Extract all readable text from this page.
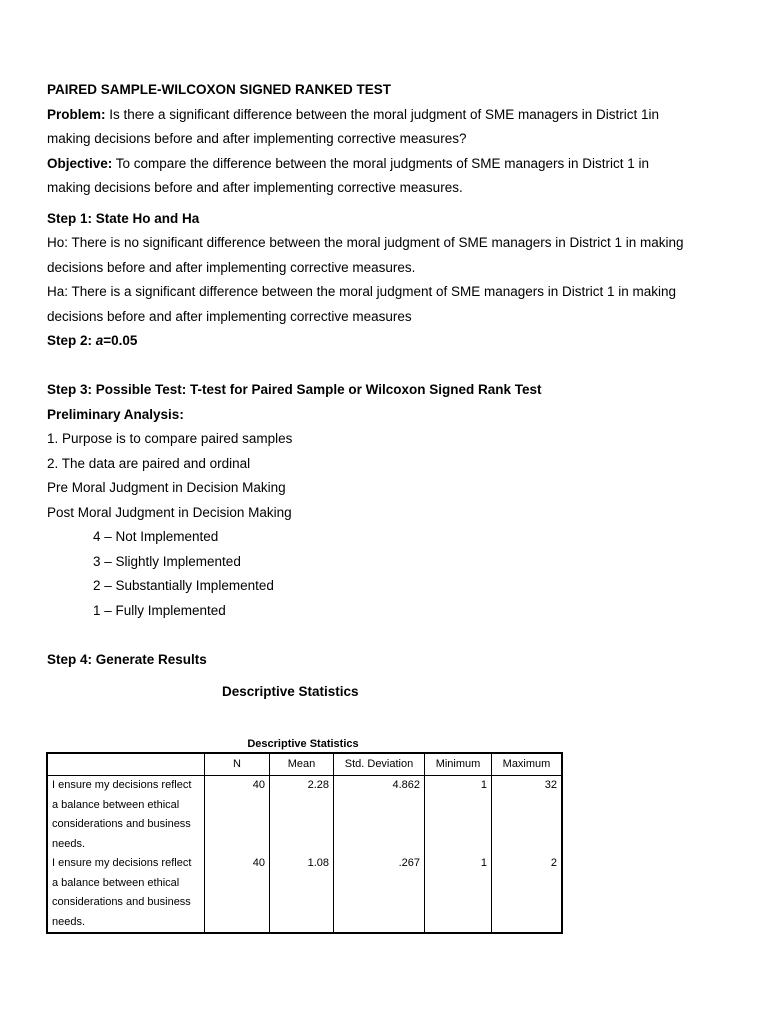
PAIRED SAMPLE-WILCOXON SIGNED RANKED TEST
Problem: Is there a significant difference between the moral judgment of SME managers in District 1in
making decisions before and after implementing corrective measures?
Objective: To compare the difference between the moral judgments of SME managers in District 1 in
making decisions before and after implementing corrective measures.
Step 1: State Ho and Ha
Ho: There is no significant difference between the moral judgment of SME managers in District 1 in making
decisions before and after implementing corrective measures.
Ha: There is a significant difference between the moral judgment of SME managers in District 1 in making
decisions before and after implementing corrective measures
Step 2: a=0.05
Step 3: Possible Test: T-test for Paired Sample or Wilcoxon Signed Rank Test
Preliminary Analysis:
1. Purpose is to compare paired samples
2. The data are paired and ordinal
Pre Moral Judgment in Decision Making
Post Moral Judgment in Decision Making
4 – Not Implemented
3 – Slightly Implemented
2 – Substantially Implemented
1 – Fully Implemented
Step 4: Generate Results
Descriptive Statistics
Descriptive Statistics
	N	Mean	Std. Deviation	Minimum	Maximum
I ensure my decisions reflect a balance between ethical considerations and business needs.	40	2.28	4.862	1	32
I ensure my decisions reflect a balance between ethical considerations and business needs.	40	1.08	.267	1	2
